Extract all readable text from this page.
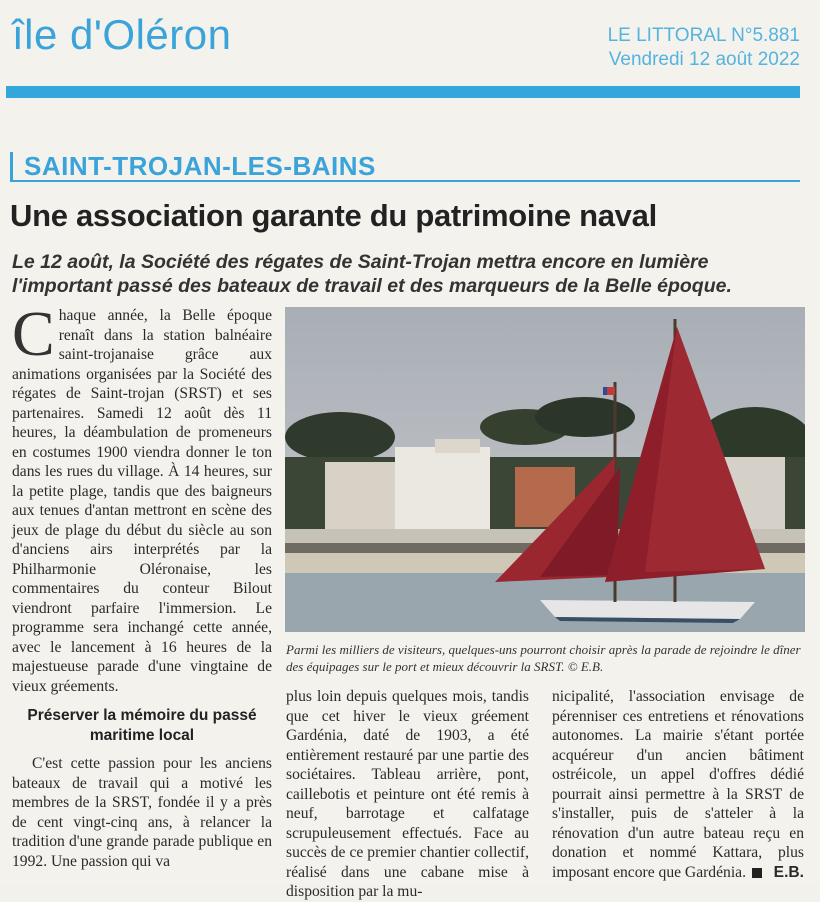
île d'Oléron	LE LITTORAL N°5.881
Vendredi 12 août 2022
SAINT-TROJAN-LES-BAINS
Une association garante du patrimoine naval
Le 12 août, la Société des régates de Saint-Trojan mettra encore en lumière l'important passé des bateaux de travail et des marqueurs de la Belle époque.
Chaque année, la Belle époque renaît dans la station balnéaire saint-trojanaise grâce aux animations organisées par la Société des régates de Saint-trojan (SRST) et ses partenaires. Samedi 12 août dès 11 heures, la déambulation de promeneurs en costumes 1900 viendra donner le ton dans les rues du village. À 14 heures, sur la petite plage, tandis que des baigneurs aux tenues d'antan mettront en scène des jeux de plage du début du siècle au son d'anciens airs interprétés par la Philharmonie Oléronaise, les commentaires du conteur Bilout viendront parfaire l'immersion. Le programme sera inchangé cette année, avec le lancement à 16 heures de la majestueuse parade d'une vingtaine de vieux gréements.
Préserver la mémoire du passé maritime local
C'est cette passion pour les anciens bateaux de travail qui a motivé les membres de la SRST, fondée il y a près de cent vingt-cinq ans, à relancer la tradition d'une grande parade publique en 1992. Une passion qui va
Parmi les milliers de visiteurs, quelques-uns pourront choisir après la parade de rejoindre le dîner des équipages sur le port et mieux découvrir la SRST. © E.B.
plus loin depuis quelques mois, tandis que cet hiver le vieux gréement Gardénia, daté de 1903, a été entièrement restauré par une partie des sociétaires. Tableau arrière, pont, caillebotis et peinture ont été remis à neuf, barrotage et calfatage scrupuleusement effectués. Face au succès de ce premier chantier collectif, réalisé dans une cabane mise à disposition par la mu-
nicipalité, l'association envisage de pérenniser ces entretiens et rénovations autonomes. La mairie s'étant portée acquéreur d'un ancien bâtiment ostréicole, un appel d'offres dédié pourrait ainsi permettre à la SRST de s'installer, puis de s'atteler à la rénovation d'un autre bateau reçu en donation et nommé Kattara, plus imposant encore que Gardénia. E.B.
